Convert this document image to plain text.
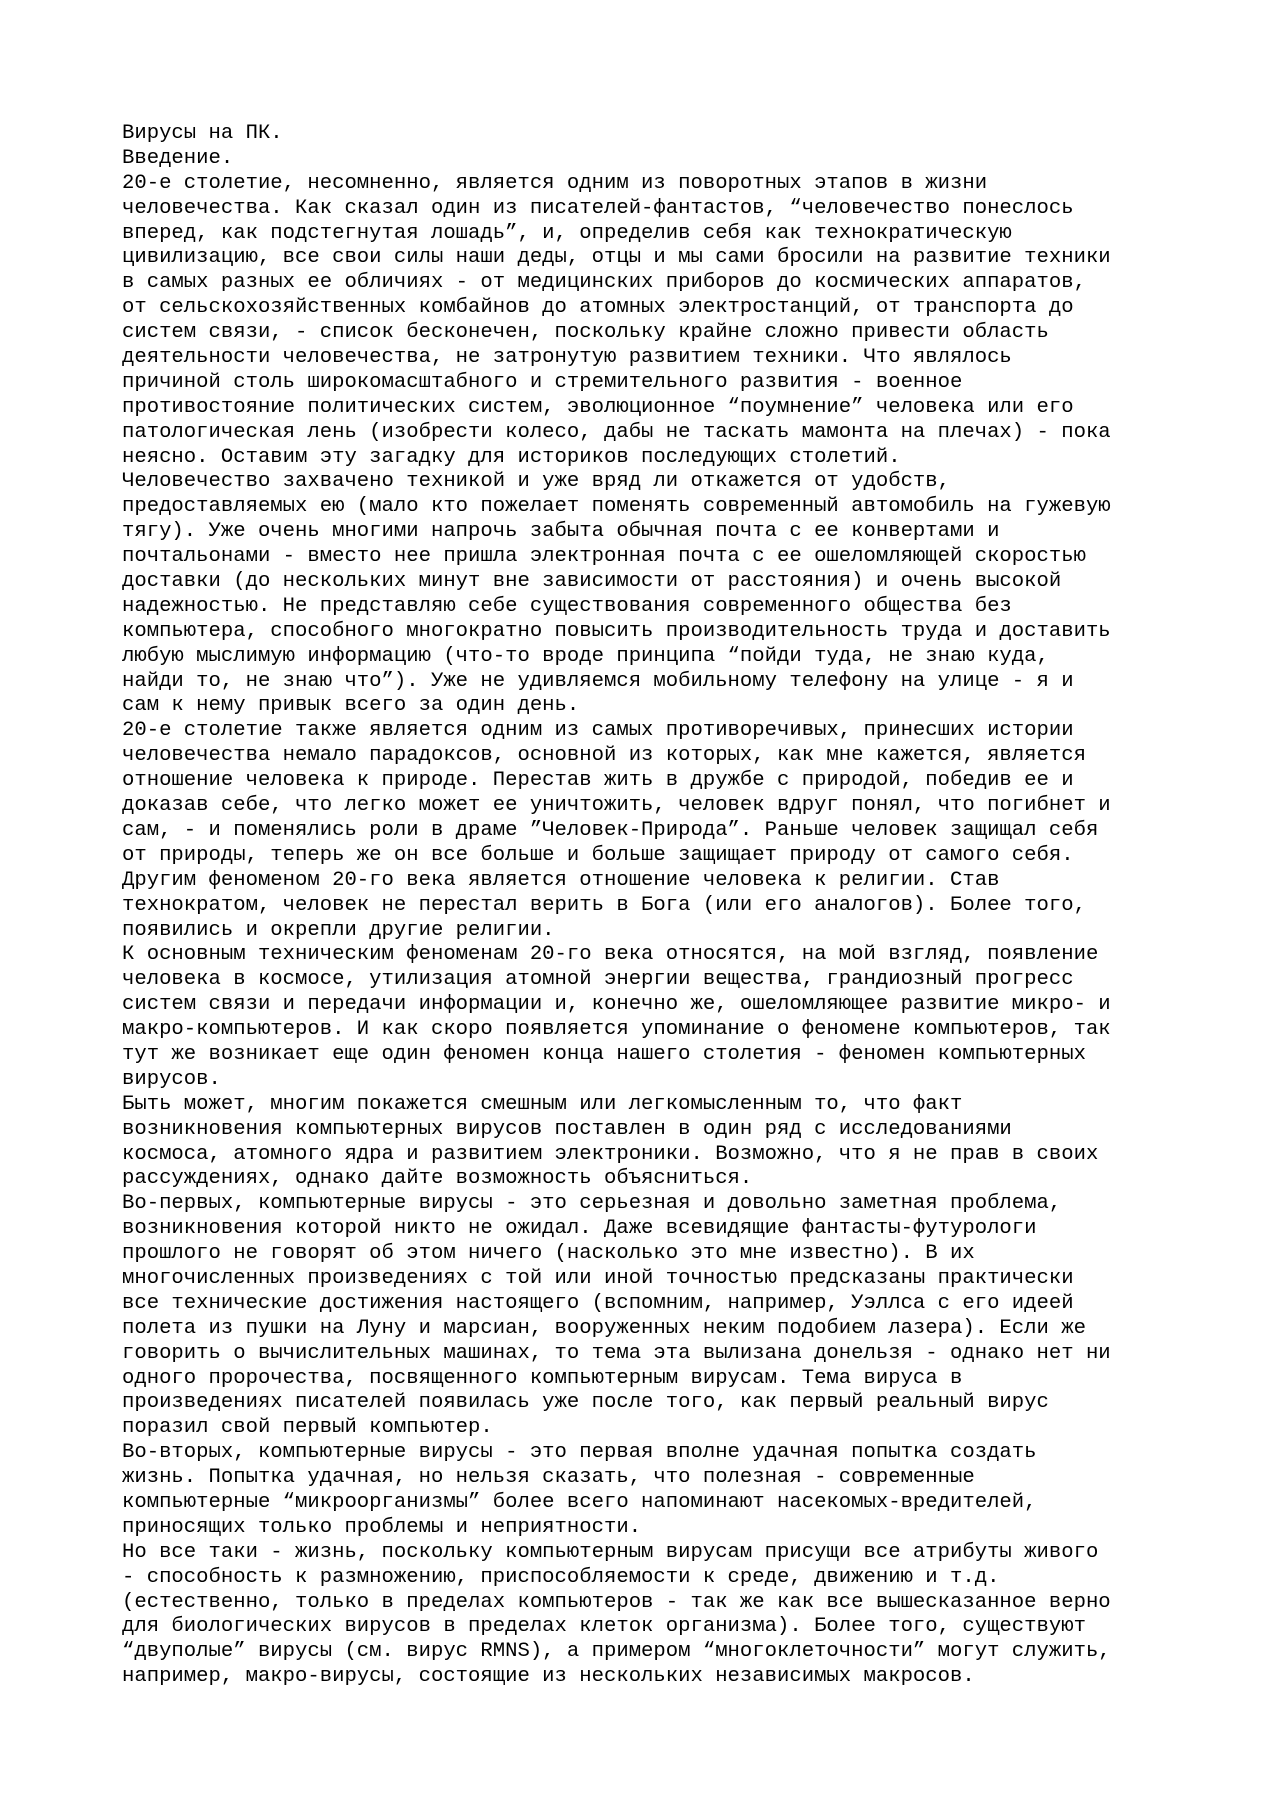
Вирусы на ПК.
Введение.
20-е столетие, несомненно, является одним из поворотных этапов в жизни
человечества. Как сказал один из писателей-фантастов, “человечество понеслось
вперед, как подстегнутая лошадь”, и, определив себя как технократическую
цивилизацию, все свои силы наши деды, отцы и мы сами бросили на развитие техники
в самых разных ее обличиях - от медицинских приборов до космических аппаратов,
от сельскохозяйственных комбайнов до атомных электростанций, от транспорта до
систем связи, - список бесконечен, поскольку крайне сложно привести область
деятельности человечества, не затронутую развитием техники. Что являлось
причиной столь широкомасштабного и стремительного развития - военное
противостояние политических систем, эволюционное “поумнение” человека или его
патологическая лень (изобрести колесо, дабы не таскать мамонта на плечах) - пока
неясно. Оставим эту загадку для историков последующих столетий.
Человечество захвачено техникой и уже вряд ли откажется от удобств,
предоставляемых ею (мало кто пожелает поменять современный автомобиль на гужевую
тягу). Уже очень многими напрочь забыта обычная почта с ее конвертами и
почтальонами - вместо нее пришла электронная почта с ее ошеломляющей скоростью
доставки (до нескольких минут вне зависимости от расстояния) и очень высокой
надежностью. Не представляю себе существования современного общества без
компьютера, способного многократно повысить производительность труда и доставить
любую мыслимую информацию (что-то вроде принципа “пойди туда, не знаю куда,
найди то, не знаю что”). Уже не удивляемся мобильному телефону на улице - я и
сам к нему привык всего за один день.
20-е столетие также является одним из самых противоречивых, принесших истории
человечества немало парадоксов, основной из которых, как мне кажется, является
отношение человека к природе. Перестав жить в дружбе с природой, победив ее и
доказав себе, что легко может ее уничтожить, человек вдруг понял, что погибнет и
сам, - и поменялись роли в драме ”Человек-Природа”. Раньше человек защищал себя
от природы, теперь же он все больше и больше защищает природу от самого себя.
Другим феноменом 20-го века является отношение человека к религии. Став
технократом, человек не перестал верить в Бога (или его аналогов). Более того,
появились и окрепли другие религии.
К основным техническим феноменам 20-го века относятся, на мой взгляд, появление
человека в космосе, утилизация атомной энергии вещества, грандиозный прогресс
систем связи и передачи информации и, конечно же, ошеломляющее развитие микро- и
макро-компьютеров. И как скоро появляется упоминание о феномене компьютеров, так
тут же возникает еще один феномен конца нашего столетия - феномен компьютерных
вирусов.
Быть может, многим покажется смешным или легкомысленным то, что факт
возникновения компьютерных вирусов поставлен в один ряд с исследованиями
космоса, атомного ядра и развитием электроники. Возможно, что я не прав в своих
рассуждениях, однако дайте возможность объясниться.
Во-первых, компьютерные вирусы - это серьезная и довольно заметная проблема,
возникновения которой никто не ожидал. Даже всевидящие фантасты-футурологи
прошлого не говорят об этом ничего (насколько это мне известно). В их
многочисленных произведениях с той или иной точностью предсказаны практически
все технические достижения настоящего (вспомним, например, Уэллса с его идеей
полета из пушки на Луну и марсиан, вооруженных неким подобием лазера). Если же
говорить о вычислительных машинах, то тема эта вылизана донельзя - однако нет ни
одного пророчества, посвященного компьютерным вирусам. Тема вируса в
произведениях писателей появилась уже после того, как первый реальный вирус
поразил свой первый компьютер.
Во-вторых, компьютерные вирусы - это первая вполне удачная попытка создать
жизнь. Попытка удачная, но нельзя сказать, что полезная - современные
компьютерные “микроорганизмы” более всего напоминают насекомых-вредителей,
приносящих только проблемы и неприятности.
Но все таки - жизнь, поскольку компьютерным вирусам присущи все атрибуты живого
- способность к размножению, приспособляемости к среде, движению и т.д.
(естественно, только в пределах компьютеров - так же как все вышесказанное верно
для биологических вирусов в пределах клеток организма). Более того, существуют
“двуполые” вирусы (см. вирус RMNS), а примером “многоклеточности” могут служить,
например, макро-вирусы, состоящие из нескольких независимых макросов.
